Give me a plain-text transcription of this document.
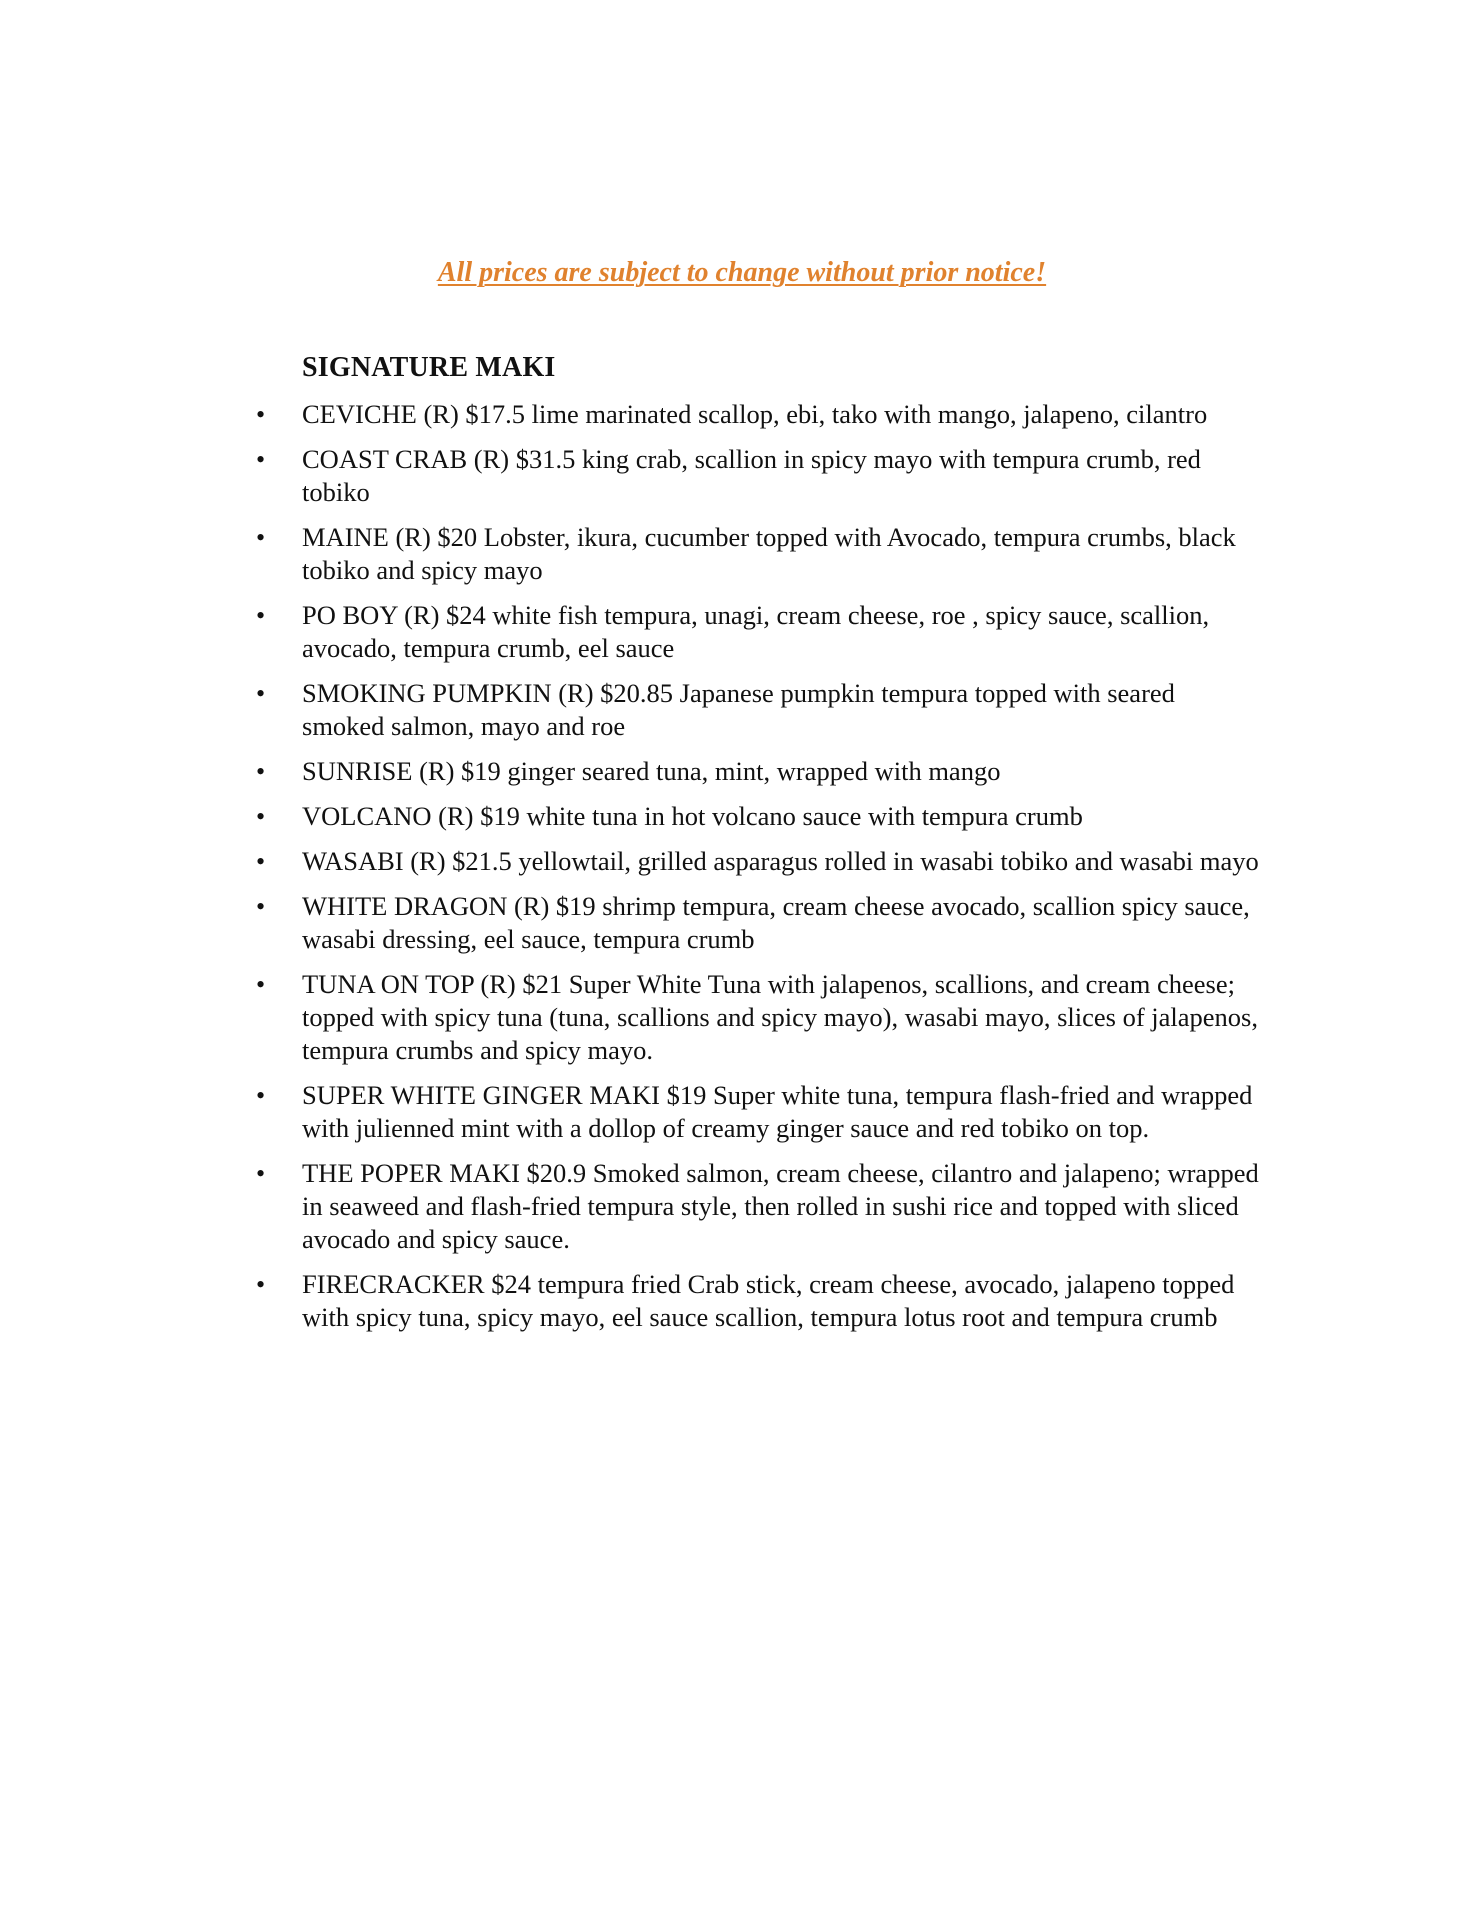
All prices are subject to change without prior notice!
SIGNATURE MAKI
• CEVICHE (R) $17.5 lime marinated scallop, ebi, tako with mango, jalapeno, cilantro
• COAST CRAB (R) $31.5 king crab, scallion in spicy mayo with tempura crumb, red tobiko
• MAINE (R) $20 Lobster, ikura, cucumber topped with Avocado, tempura crumbs, black tobiko and spicy mayo
• PO BOY (R) $24 white fish tempura, unagi, cream cheese, roe , spicy sauce, scallion, avocado, tempura crumb, eel sauce
• SMOKING PUMPKIN (R) $20.85 Japanese pumpkin tempura topped with seared smoked salmon, mayo and roe
• SUNRISE (R) $19 ginger seared tuna, mint, wrapped with mango
• VOLCANO (R) $19 white tuna in hot volcano sauce with tempura crumb
• WASABI (R) $21.5 yellowtail, grilled asparagus rolled in wasabi tobiko and wasabi mayo
• WHITE DRAGON (R) $19 shrimp tempura, cream cheese avocado, scallion spicy sauce, wasabi dressing, eel sauce, tempura crumb
• TUNA ON TOP (R) $21 Super White Tuna with jalapenos, scallions, and cream cheese; topped with spicy tuna (tuna, scallions and spicy mayo), wasabi mayo, slices of jalapenos, tempura crumbs and spicy mayo.
• SUPER WHITE GINGER MAKI $19 Super white tuna, tempura flash-fried and wrapped with julienned mint with a dollop of creamy ginger sauce and red tobiko on top.
• THE POPER MAKI $20.9 Smoked salmon, cream cheese, cilantro and jalapeno; wrapped in seaweed and flash-fried tempura style, then rolled in sushi rice and topped with sliced avocado and spicy sauce.
• FIRECRACKER $24 tempura fried Crab stick, cream cheese, avocado, jalapeno topped with spicy tuna, spicy mayo, eel sauce scallion, tempura lotus root and tempura crumb
